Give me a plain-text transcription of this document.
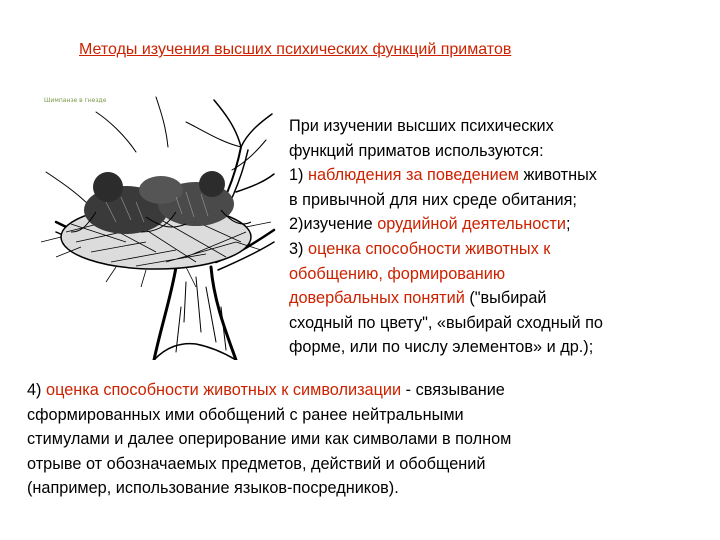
Методы изучения высших психических функций приматов
Шимпанзе в гнезде
При изучении высших психических
функций приматов используются:
1) наблюдения за поведением животных
в привычной для них среде обитания;
2)изучение орудийной деятельности;
3) оценка способности животных к
обобщению, формированию
довербальных понятий ("выбирай
сходный по цвету", «выбирай сходный по
форме, или по числу элементов» и др.);
4) оценка способности животных к символизации - связывание
сформированных ими обобщений с ранее нейтральными
стимулами и далее оперирование ими как символами в полном
отрыве от обозначаемых предметов, действий и обобщений
(например, использование языков-посредников).
